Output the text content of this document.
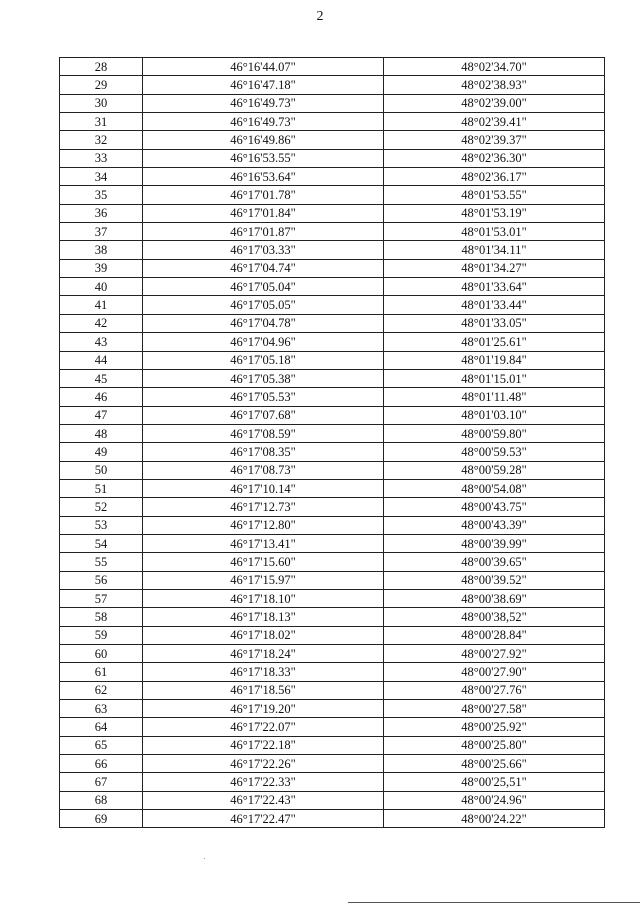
2
28	46°16'44.07"	48°02'34.70"
29	46°16'47.18"	48°02'38.93"
30	46°16'49.73"	48°02'39.00"
31	46°16'49.73"	48°02'39.41"
32	46°16'49.86"	48°02'39.37"
33	46°16'53.55"	48°02'36.30"
34	46°16'53.64"	48°02'36.17"
35	46°17'01.78"	48°01'53.55"
36	46°17'01.84"	48°01'53.19"
37	46°17'01.87"	48°01'53.01"
38	46°17'03.33"	48°01'34.11"
39	46°17'04.74"	48°01'34.27"
40	46°17'05.04"	48°01'33.64"
41	46°17'05.05"	48°01'33.44"
42	46°17'04.78"	48°01'33.05"
43	46°17'04.96"	48°01'25.61"
44	46°17'05.18"	48°01'19.84"
45	46°17'05.38"	48°01'15.01"
46	46°17'05.53"	48°01'11.48"
47	46°17'07.68"	48°01'03.10"
48	46°17'08.59"	48°00'59.80"
49	46°17'08.35"	48°00'59.53"
50	46°17'08.73"	48°00'59.28"
51	46°17'10.14"	48°00'54.08"
52	46°17'12.73"	48°00'43.75"
53	46°17'12.80"	48°00'43.39"
54	46°17'13.41"	48°00'39.99"
55	46°17'15.60"	48°00'39.65"
56	46°17'15.97"	48°00'39.52"
57	46°17'18.10"	48°00'38.69"
58	46°17'18.13"	48°00'38,52"
59	46°17'18.02"	48°00'28.84"
60	46°17'18.24"	48°00'27.92"
61	46°17'18.33"	48°00'27.90"
62	46°17'18.56"	48°00'27.76"
63	46°17'19.20"	48°00'27.58"
64	46°17'22.07"	48°00'25.92"
65	46°17'22.18"	48°00'25.80"
66	46°17'22.26"	48°00'25.66"
67	46°17'22.33"	48°00'25,51"
68	46°17'22.43"	48°00'24.96"
69	46°17'22.47"	48°00'24.22"
